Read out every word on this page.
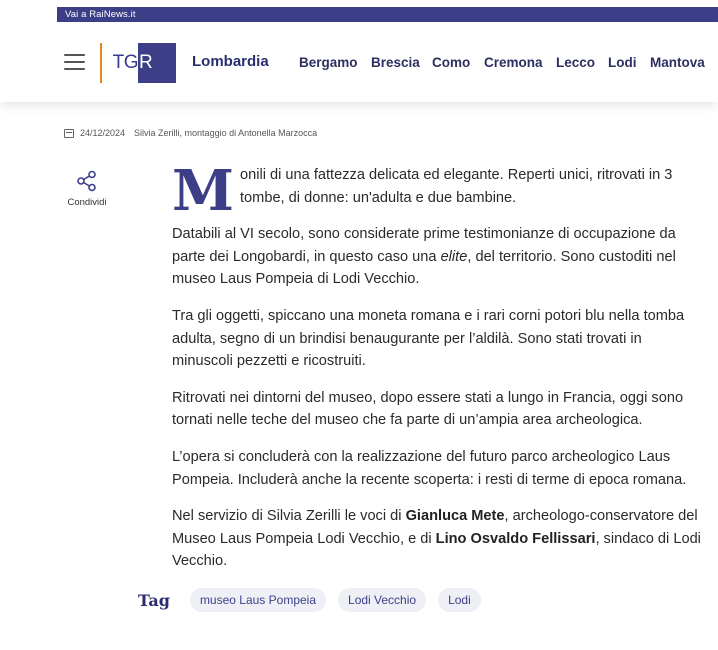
Vai a RaiNews.it
TG R	Lombardia Bergamo Brescia Como Cremona Lecco Lodi Mantova
24/12/2024 Silvia Zerilli, montaggio di Antonella Marzocca
Condividi Monili di una fattezza delicata ed elegante. Reperti unici, ritrovati in 3 tombe, di donne: un'adulta e due bambine.

Databili al VI secolo, sono considerate prime testimonianze di occupazione da parte dei Longobardi, in questo caso una elite, del territorio. Sono custoditi nel museo Laus Pompeia di Lodi Vecchio.

Tra gli oggetti, spiccano una moneta romana e i rari corni potori blu nella tomba adulta, segno di un brindisi benaugurante per l’aldilà. Sono stati trovati in minuscoli pezzetti e ricostruiti.

Ritrovati nei dintorni del museo, dopo essere stati a lungo in Francia, oggi sono tornati nelle teche del museo che fa parte di un’ampia area archeologica.

L’opera si concluderà con la realizzazione del futuro parco archeologico Laus Pompeia. Includerà anche la recente scoperta: i resti di terme di epoca romana.

Nel servizio di Silvia Zerilli le voci di Gianluca Mete, archeologo-conservatore del Museo Laus Pompeia Lodi Vecchio, e di Lino Osvaldo Fellissari, sindaco di Lodi Vecchio.

Tag	museo Laus Pompeia	Lodi Vecchio	Lodi
